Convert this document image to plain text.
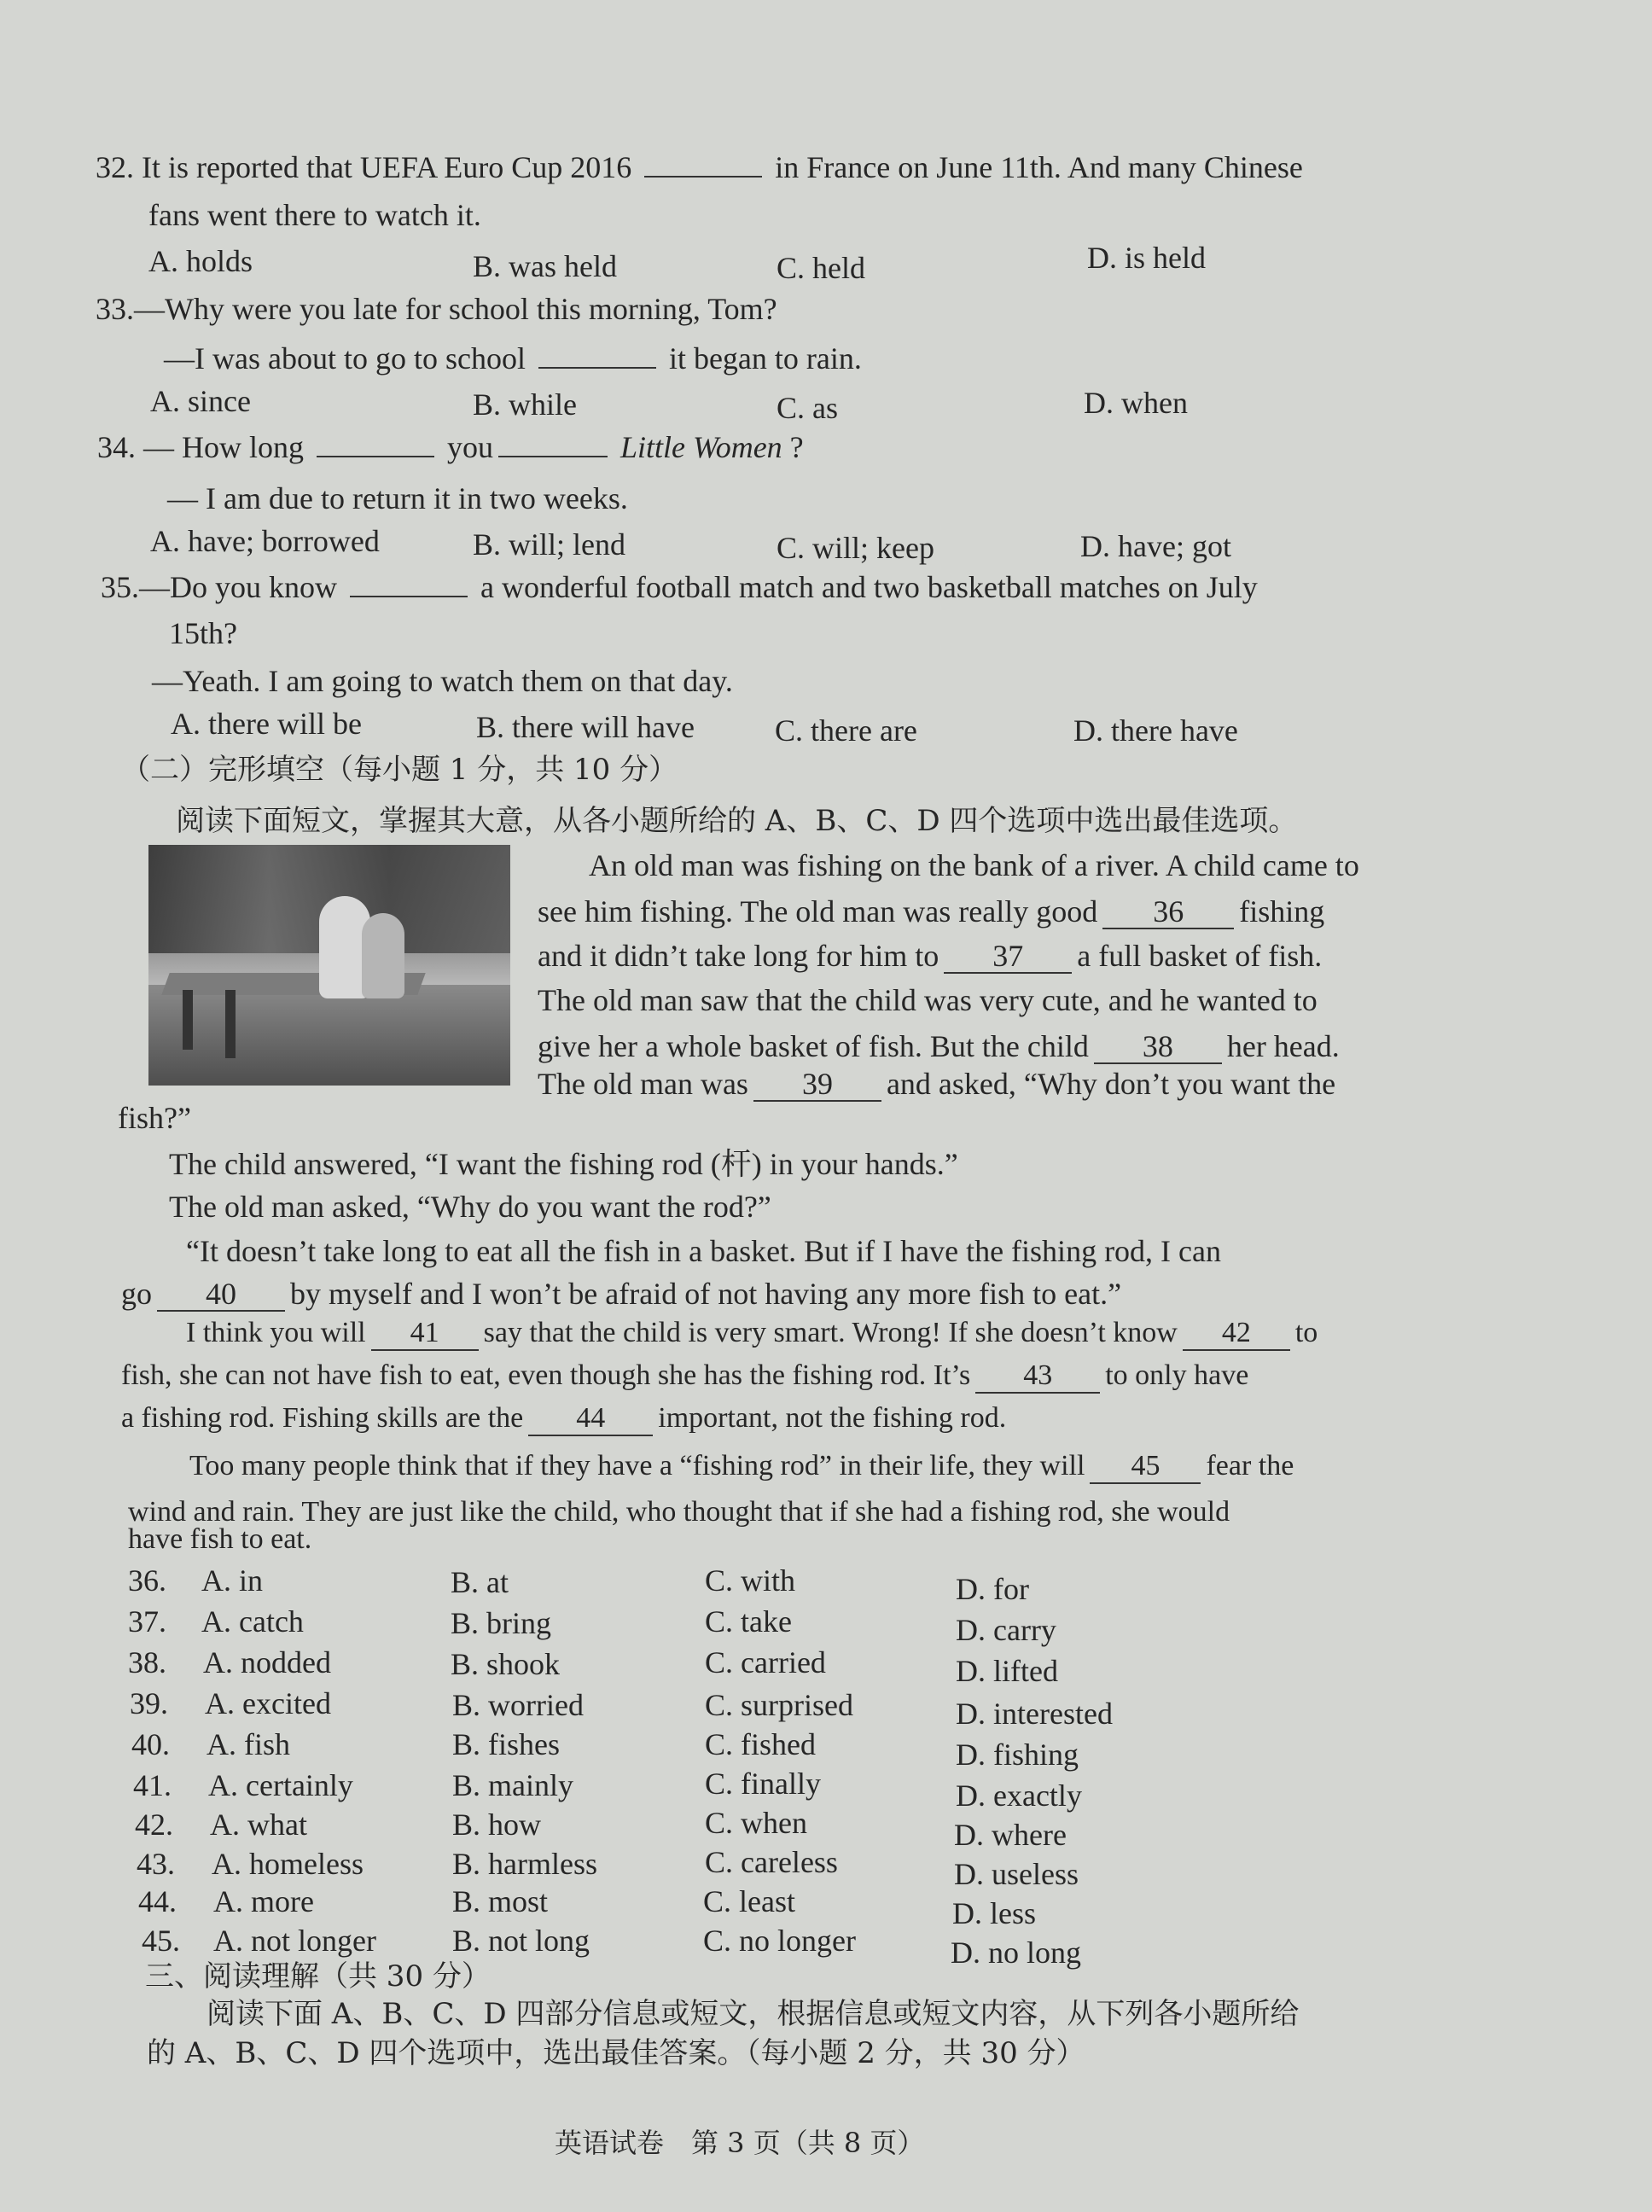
32. It is reported that UEFA Euro Cup 2016	in France on June 11th. And many Chinese
fans went there to watch it.
A. holds	B. was held	C. held	D. is held
33.—Why were you late for school this morning, Tom?
—I was about to go to school	it began to rain.
A. since	B. while	C. as	D. when
34. — How long	you	Little Women ?
— I am due to return it in two weeks.
A. have; borrowed	B. will; lend	C. will; keep	D. have; got
35.—Do you know	a wonderful football match and two basketball matches on July
15th?
—Yeath. I am going to watch them on that day.
A. there will be	B. there will have	C. there are	D. there have
（二）完形填空（每小题 1 分，共 10 分）
阅读下面短文，掌握其大意，从各小题所给的 A、B、C、D 四个选项中选出最佳选项。
An old man was fishing on the bank of a river. A child came to
see him fishing. The old man was really good 36 fishing
and it didn’t take long for him to 37 a full basket of fish.
The old man saw that the child was very cute, and he wanted to
give her a whole basket of fish. But the child 38 her head.
The old man was 39 and asked, “Why don’t you want the
fish?”
The child answered, “I want the fishing rod (杆) in your hands.”
The old man asked, “Why do you want the rod?”
“It doesn’t take long to eat all the fish in a basket. But if I have the fishing rod, I can
go 40 by myself and I won’t be afraid of not having any more fish to eat.”
I think you will 41 say that the child is very smart. Wrong! If she doesn’t know 42 to
fish, she can not have fish to eat, even though she has the fishing rod. It’s 43 to only have
a fishing rod. Fishing skills are the 44 important, not the fishing rod.
Too many people think that if they have a “fishing rod” in their life, they will 45 fear the
wind and rain. They are just like the child, who thought that if she had a fishing rod, she would
have fish to eat.
36. A. in	B. at	C. with	D. for
37. A. catch	B. bring	C. take	D. carry
38. A. nodded	B. shook	C. carried	D. lifted
39. A. excited	B. worried	C. surprised	D. interested
40. A. fish	B. fishes	C. fished	D. fishing
41. A. certainly	B. mainly	C. finally	D. exactly
42. A. what	B. how	C. when	D. where
43. A. homeless	B. harmless	C. careless	D. useless
44. A. more	B. most	C. least	D. less
45. A. not longer B. not long	C. no longer	D. no long
三、阅读理解（共 30 分）
阅读下面 A、B、C、D 四部分信息或短文，根据信息或短文内容，从下列各小题所给
的 A、B、C、D 四个选项中，选出最佳答案。（每小题 2 分，共 30 分）
英语试卷　第 3 页（共 8 页）
